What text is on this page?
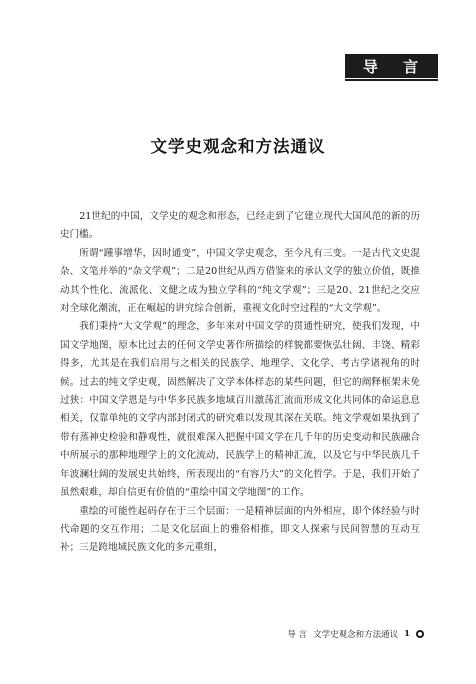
导 言
文学史观念和方法通议

21世纪的中国，文学史的观念和形态，已经走到了它建立现代大国风范的新的历史门槛。

所谓“踵事增华，因时通变”，中国文学史观念，至今凡有三变。一是古代文史混杂、文笔并举的“杂文学观”；二是20世纪从西方借鉴来的承认文学的独立价值，既推动其个性化、流派化、文健之成为独立学科的“纯文学观”；三是20、21世纪之交应对全球化潮流，正在崛起的讲究综合创新，重视文化时空过程的“大文学观”。

我们秉持“大文学观”的理念，多年来对中国文学的贯通性研究，使我们发现，中国文学地图，原本比过去的任何文学史著作所描绘的样貌都要恢弘壮阔、丰饶、精彩得多，尤其是在我们启用与之相关的民族学、地理学、文化学、考古学诸视角的时候。过去的纯文学史观，固然解决了文学本体样态的某些问题，但它的阐释框架未免过狭：中国文学恩是与中华多民族多地域百川激荡汇流而形成文化共同体的命运息息相关，仅靠单纯的文学内部封闭式的研究难以发现其深在关联。纯文学观如果执到了带有蒸神史检验和静观性，就很难深入把握中国文学在几千年的历史变动和民族融合中所展示的那种地理学上的文化流动，民族学上的精神汇流，以及它与中华民族几千年波澜壮阔的发展史共始终，所表现出的“有容乃大”的文化哲学。于是，我们开始了虽然艰难，却自信更有价值的“重绘中国文学地图”的工作。

重绘的可能性起码存在于三个层面：一是精神层面的内外相应，即个体经验与时代命题的交互作用；二是文化层面上的雅俗相推，即文人探索与民间智慧的互动互补；三是跨地域民族文化的多元重组，

导 言 文学史观念和方法通议 1
